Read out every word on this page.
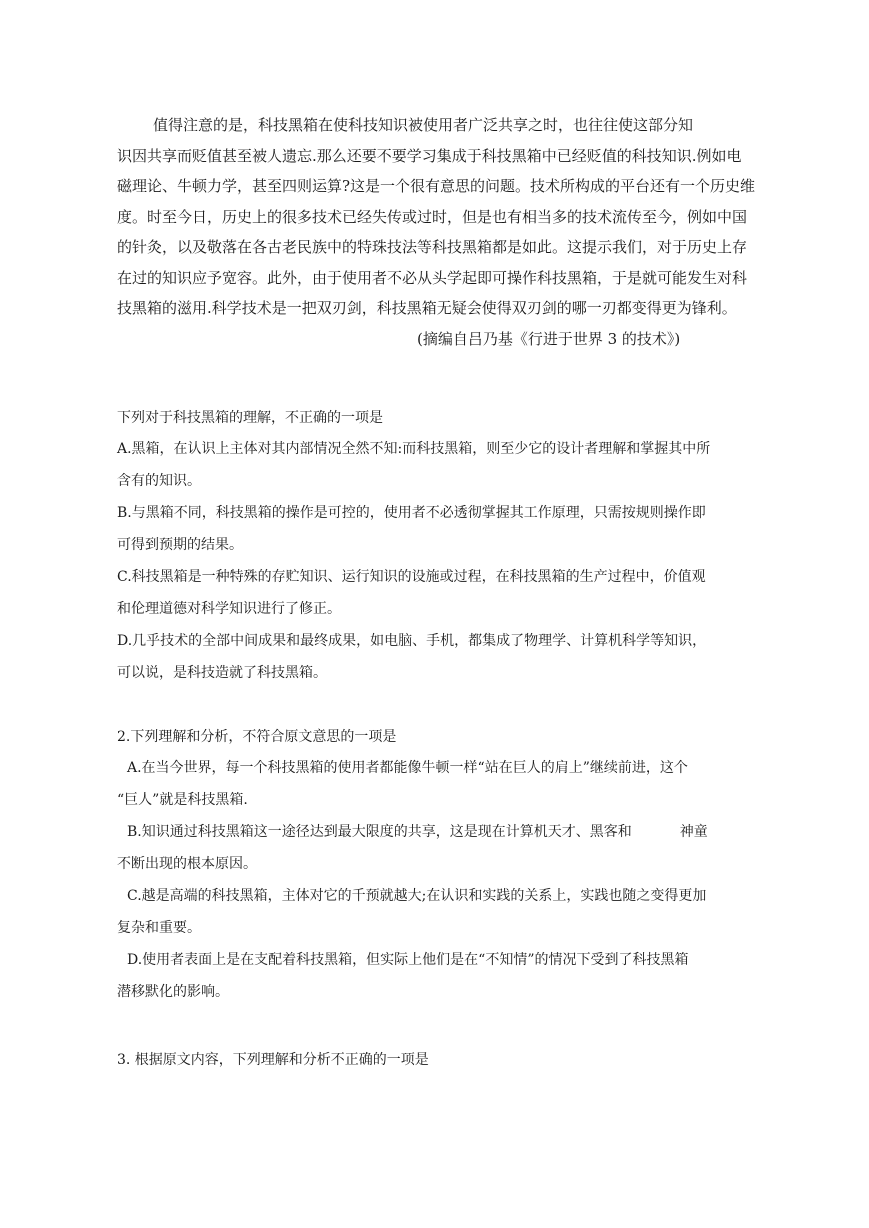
值得注意的是，科技黑箱在使科技知识被使用者广泛共享之时，也往往使这部分知

识因共享而贬值甚至被人遗忘.那么还要不要学习集成于科技黑箱中已经贬值的科技知识.例如电

磁理论、牛顿力学，甚至四则运算?这是一个很有意思的问题。技术所构成的平台还有一个历史维

度。时至今日，历史上的很多技术已经失传或过时，但是也有相当多的技术流传至今，例如中国

的针灸，以及敬落在各古老民族中的特珠技法等科技黑箱都是如此。这提示我们，对于历史上存

在过的知识应予宽容。此外，由于使用者不必从头学起即可操作科技黑箱，于是就可能发生对科

技黑箱的滋用.科学技术是一把双刃剑，科技黑箱无疑会使得双刃剑的哪一刃都变得更为锋利。

(摘编自吕乃基《行进于世界 3 的技术》)

下列对于科技黑箱的理解，不正确的一项是

A.黑箱，在认识上主体对其内部情况全然不知:而科技黑箱，则至少它的设计者理解和掌握其中所

含有的知识。

B.与黑箱不同，科技黑箱的操作是可控的，使用者不必透彻掌握其工作原理，只需按规则操作即

可得到预期的结果。

C.科技黑箱是一种特殊的存贮知识、运行知识的设施或过程，在科技黑箱的生产过程中，价值观

和伦理道德对科学知识进行了修正。

D.几乎技术的全部中间成果和最终成果，如电脑、手机，都集成了物理学、计算机科学等知识，

可以说，是科技造就了科技黑箱。

2.下列理解和分析，不符合原文意思的一项是

A.在当今世界，每一个科技黑箱的使用者都能像牛顿一样“站在巨人的肩上”继续前进，这个

“巨人”就是科技黑箱.

B.知识通过科技黑箱这一途径达到最大限度的共享，这是现在计算机天才、黑客和	神童

不断出现的根本原因。

C.越是高端的科技黑箱，主体对它的千预就越大;在认识和实践的关系上，实践也随之变得更加

复杂和重要。

D.使用者表面上是在支配着科技黑箱，但实际上他们是在“不知情”的情况下受到了科技黑箱

潜移默化的影响。

3. 根据原文内容，下列理解和分析不正确的一项是
